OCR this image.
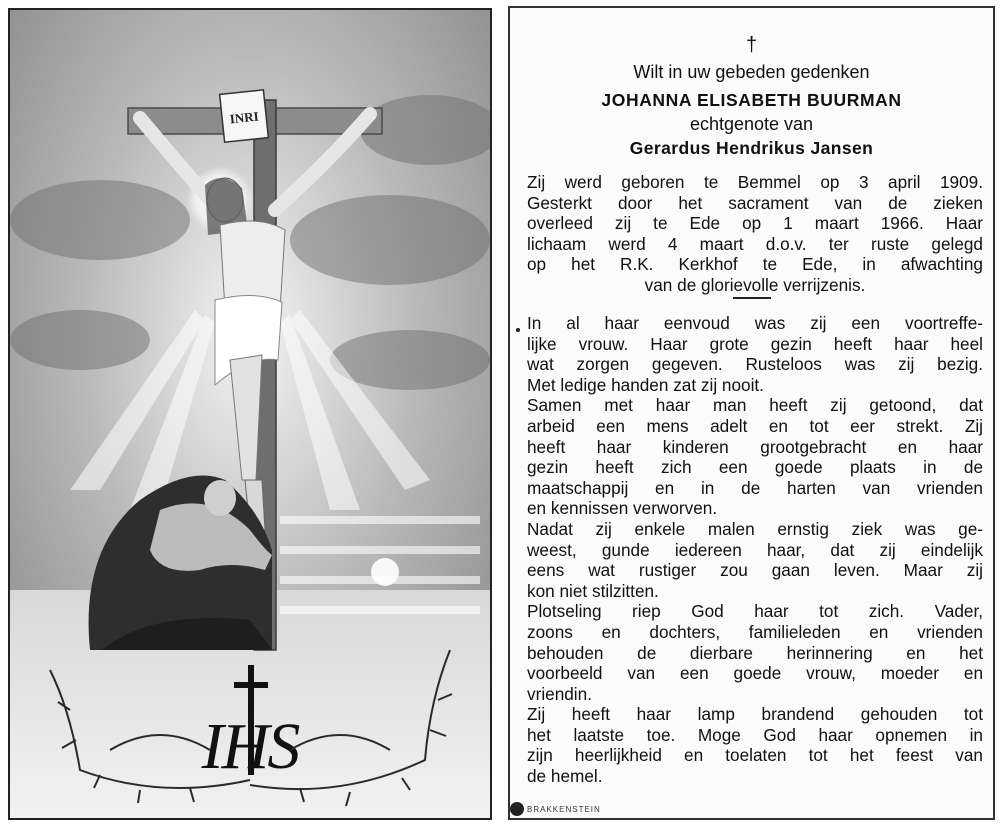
INRI
IHS
†
Wilt in uw gebeden gedenken
JOHANNA ELISABETH BUURMAN
echtgenote van
Gerardus Hendrikus Jansen
Zij werd geboren te Bemmel op 3 april 1909.
Gesterkt door het sacrament van de zieken
overleed zij te Ede op 1 maart 1966. Haar
lichaam werd 4 maart d.o.v. ter ruste gelegd
op het R.K. Kerkhof te Ede, in afwachting
van de glorievolle verrijzenis.
In al haar eenvoud was zij een voortreffe-
lijke vrouw. Haar grote gezin heeft haar heel
wat zorgen gegeven. Rusteloos was zij bezig.
Met ledige handen zat zij nooit.
Samen met haar man heeft zij getoond, dat
arbeid een mens adelt en tot eer strekt. Zij
heeft haar kinderen grootgebracht en haar
gezin heeft zich een goede plaats in de
maatschappij en in de harten van vrienden
en kennissen verworven.
Nadat zij enkele malen ernstig ziek was ge-
weest, gunde iedereen haar, dat zij eindelijk
eens wat rustiger zou gaan leven. Maar zij
kon niet stilzitten.
Plotseling riep God haar tot zich. Vader,
zoons en dochters, familieleden en vrienden
behouden de dierbare herinnering en het
voorbeeld van een goede vrouw, moeder en
vriendin.
Zij heeft haar lamp brandend gehouden tot
het laatste toe. Moge God haar opnemen in
zijn heerlijkheid en toelaten tot het feest van
de hemel.
BRAKKENSTEIN
